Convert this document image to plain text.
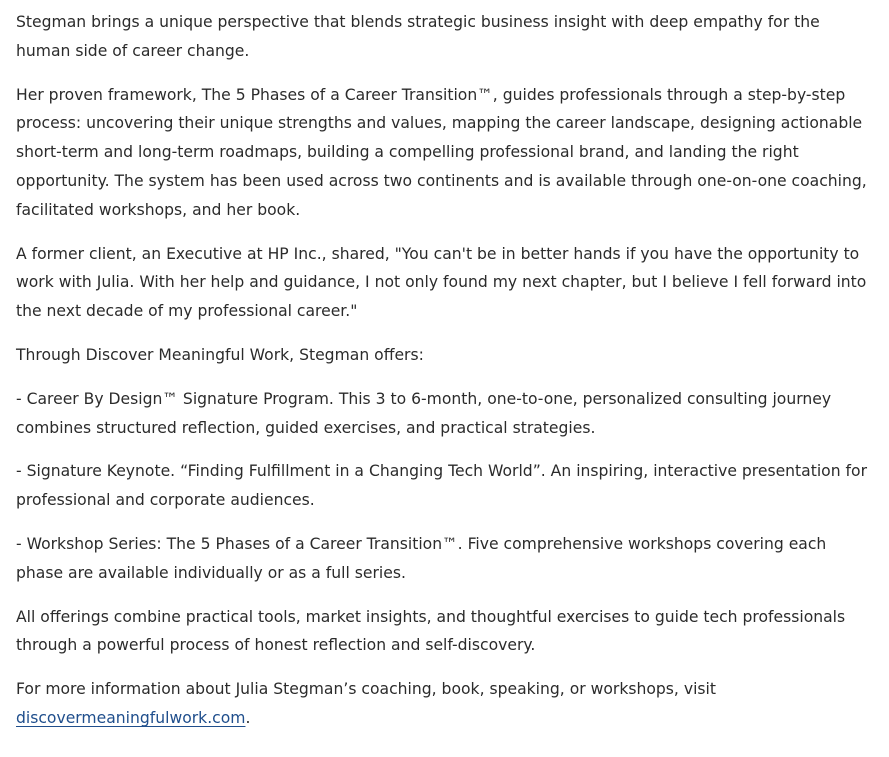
Stegman brings a unique perspective that blends strategic business insight with deep empathy for the human side of career change.

Her proven framework, The 5 Phases of a Career Transition™, guides professionals through a step-by-step process: uncovering their unique strengths and values, mapping the career landscape, designing actionable short-term and long-term roadmaps, building a compelling professional brand, and landing the right opportunity. The system has been used across two continents and is available through one-on-one coaching, facilitated workshops, and her book.

A former client, an Executive at HP Inc., shared, "You can't be in better hands if you have the opportunity to work with Julia. With her help and guidance, I not only found my next chapter, but I believe I fell forward into the next decade of my professional career."

Through Discover Meaningful Work, Stegman offers:

- Career By Design™ Signature Program. This 3 to 6-month, one-to-one, personalized consulting journey combines structured reflection, guided exercises, and practical strategies.

- Signature Keynote. “Finding Fulfillment in a Changing Tech World”. An inspiring, interactive presentation for professional and corporate audiences.

- Workshop Series: The 5 Phases of a Career Transition™. Five comprehensive workshops covering each phase are available individually or as a full series.

All offerings combine practical tools, market insights, and thoughtful exercises to guide tech professionals through a powerful process of honest reflection and self-discovery.

For more information about Julia Stegman’s coaching, book, speaking, or workshops, visit discovermeaningfulwork.com.
